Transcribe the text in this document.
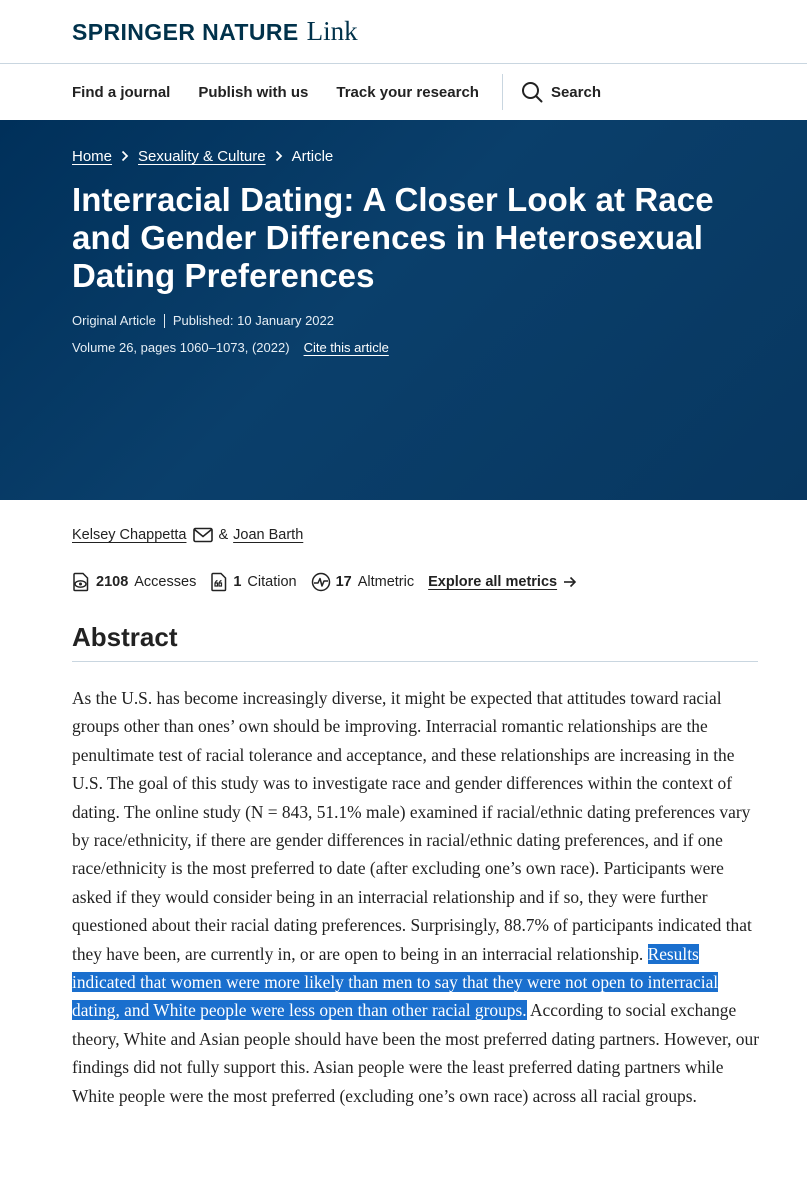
SPRINGER NATURE Link
Find a journal Publish with us Track your research	Search
Home Sexuality & Culture Article
Interracial Dating: A Closer Look at Race and Gender Differences in Heterosexual Dating Preferences
Original Article Published: 10 January 2022
Volume 26, pages 1060–1073, (2022) Cite this article
Kelsey Chappetta & Joan Barth
2108 Accesses	1 Citation	17 Altmetric Explore all metrics
Abstract

As the U.S. has become increasingly diverse, it might be expected that attitudes toward racial groups other than ones’ own should be improving. Interracial romantic relationships are the penultimate test of racial tolerance and acceptance, and these relationships are increasing in the U.S. The goal of this study was to investigate race and gender differences within the context of dating. The online study (N = 843, 51.1% male) examined if racial/ethnic dating preferences vary by race/ethnicity, if there are gender differences in racial/ethnic dating preferences, and if one race/ethnicity is the most preferred to date (after excluding one’s own race). Participants were asked if they would consider being in an interracial relationship and if so, they were further questioned about their racial dating preferences. Surprisingly, 88.7% of participants indicated that they have been, are currently in, or are open to being in an interracial relationship. Results indicated that women were more likely than men to say that they were not open to interracial dating, and White people were less open than other racial groups. According to social exchange theory, White and Asian people should have been the most preferred dating partners. However, our findings did not fully support this. Asian people were the least preferred dating partners while White people were the most preferred (excluding one’s own race) across all racial groups.
